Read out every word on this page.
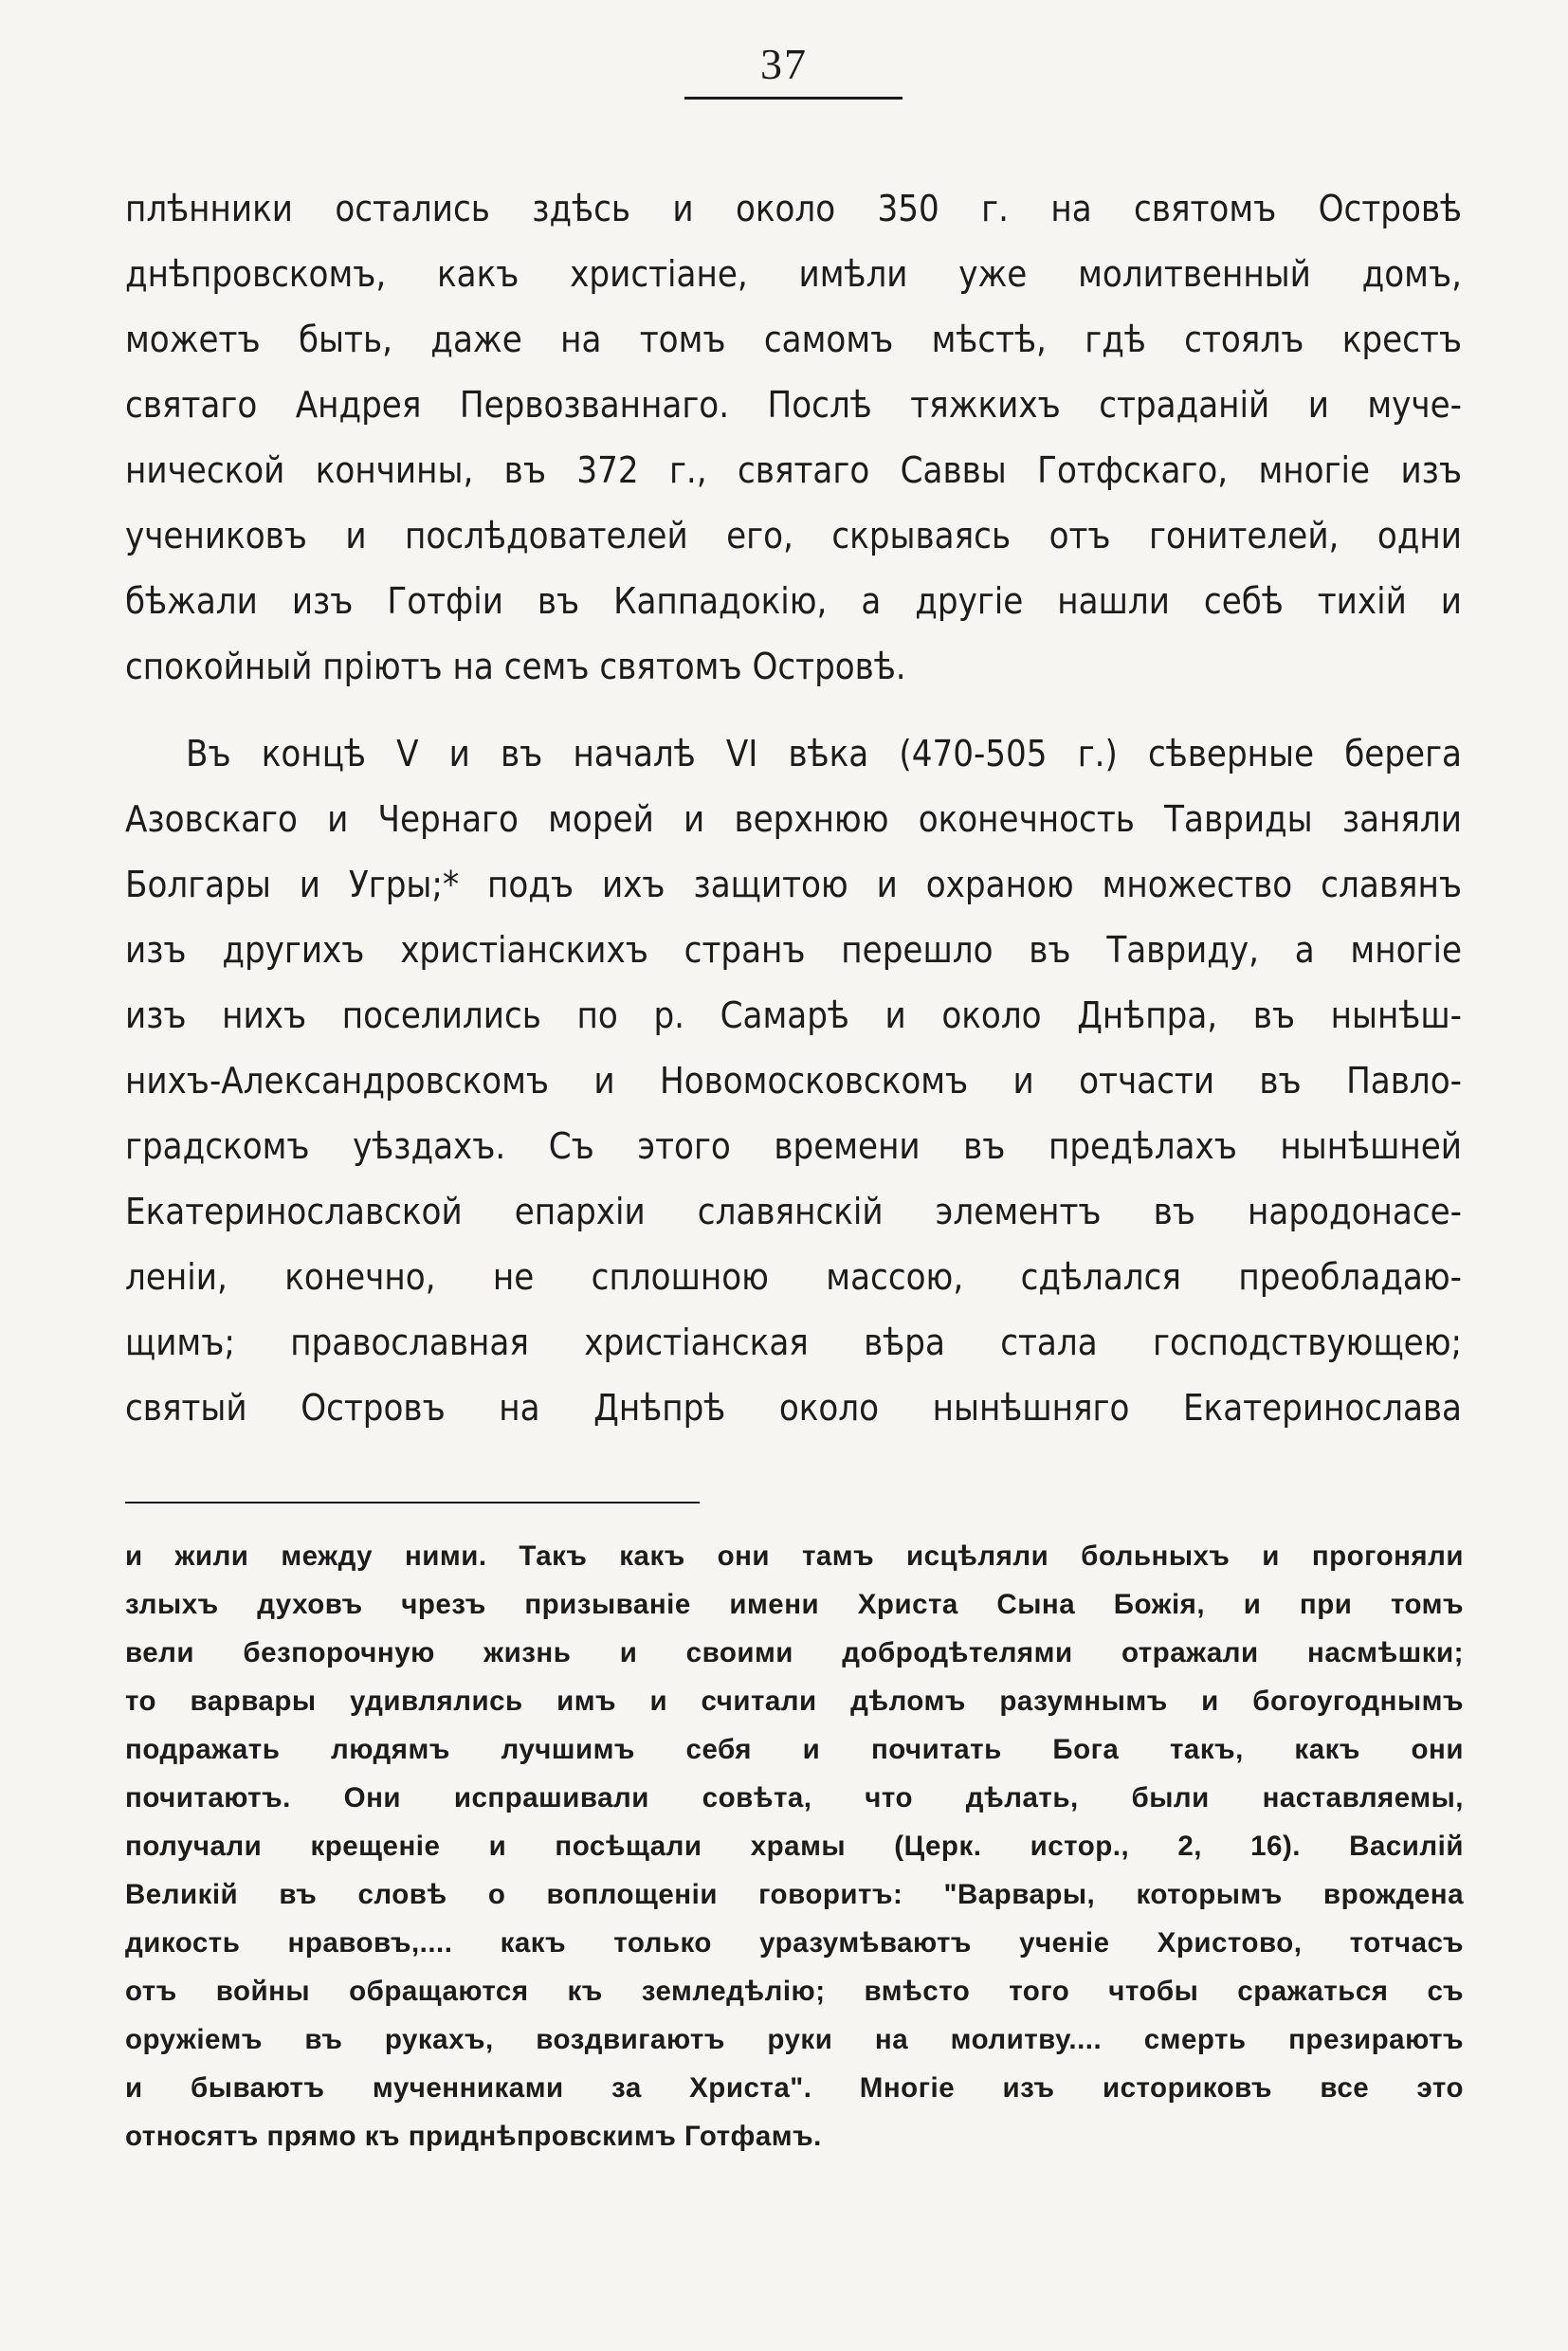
37
плѣнники остались здѣсь и около 350 г. на святомъ Островѣ
днѣпровскомъ, какъ христіане, имѣли уже молитвенный домъ,
можетъ быть, даже на томъ самомъ мѣстѣ, гдѣ стоялъ крестъ
святаго Андрея Первозваннаго. Послѣ тяжкихъ страданій и муче-
нической кончины, въ 372 г., святаго Саввы Готфскаго, многіе изъ
учениковъ и послѣдователей его, скрываясь отъ гонителей, одни
бѣжали изъ Готфіи въ Каппадокію, а другіе нашли себѣ тихій и
спокойный пріютъ на семъ святомъ Островѣ.
Въ концѣ V и въ началѣ VI вѣка (470-505 г.) сѣверные берега
Азовскаго и Чернаго морей и верхнюю оконечность Тавриды заняли
Болгары и Угры;* подъ ихъ защитою и охраною множество славянъ
изъ другихъ христіанскихъ странъ перешло въ Тавриду, а многіе
изъ нихъ поселились по р. Самарѣ и около Днѣпра, въ нынѣш-
нихъ-Александровскомъ и Новомосковскомъ и отчасти въ Павло-
градскомъ уѣздахъ. Съ этого времени въ предѣлахъ нынѣшней
Екатеринославской епархіи славянскій элементъ въ народонасе-
леніи, конечно, не сплошною массою, сдѣлался преобладаю-
щимъ; православная христіанская вѣра стала господствующею;
святый Островъ на Днѣпрѣ около нынѣшняго Екатеринослава
и жили между ними. Такъ какъ они тамъ исцѣляли больныхъ и прогоняли
злыхъ духовъ чрезъ призываніе имени Христа Сына Божія, и при томъ
вели безпорочную жизнь и своими добродѣтелями отражали насмѣшки;
то варвары удивлялись имъ и считали дѣломъ разумнымъ и богоугоднымъ
подражать людямъ лучшимъ себя и почитать Бога такъ, какъ они
почитаютъ. Они испрашивали совѣта, что дѣлать, были наставляемы,
получали крещеніе и посѣщали храмы (Церк. истор., 2, 16). Василій
Великій въ словѣ о воплощеніи говоритъ: "Варвары, которымъ врождена
дикость нравовъ,.... какъ только уразумѣваютъ ученіе Христово, тотчасъ
отъ войны обращаются къ земледѣлію; вмѣсто того чтобы сражаться съ
оружіемъ въ рукахъ, воздвигаютъ руки на молитву.... смерть презираютъ
и бываютъ мученниками за Христа". Многіе изъ историковъ все это
относятъ прямо къ приднѣпровскимъ Готфамъ.
